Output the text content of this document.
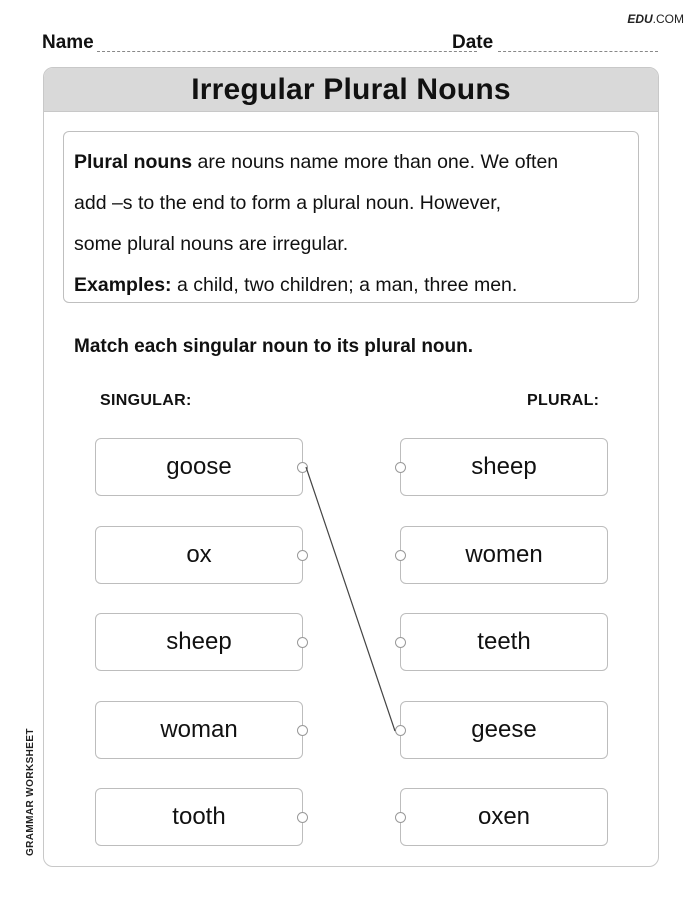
EDU.COM
Name	Date
Irregular Plural Nouns

Plural nouns are nouns name more than one. We often

add –s to the end to form a plural noun. However,

some plural nouns are irregular.

Examples: a child, two children; a man, three men.

Match each singular noun to its plural noun.
SINGULAR:	PLURAL:
goose
ox
sheep
woman
tooth
sheep
women
teeth
geese
oxen
GRAMMAR WORKSHEET
